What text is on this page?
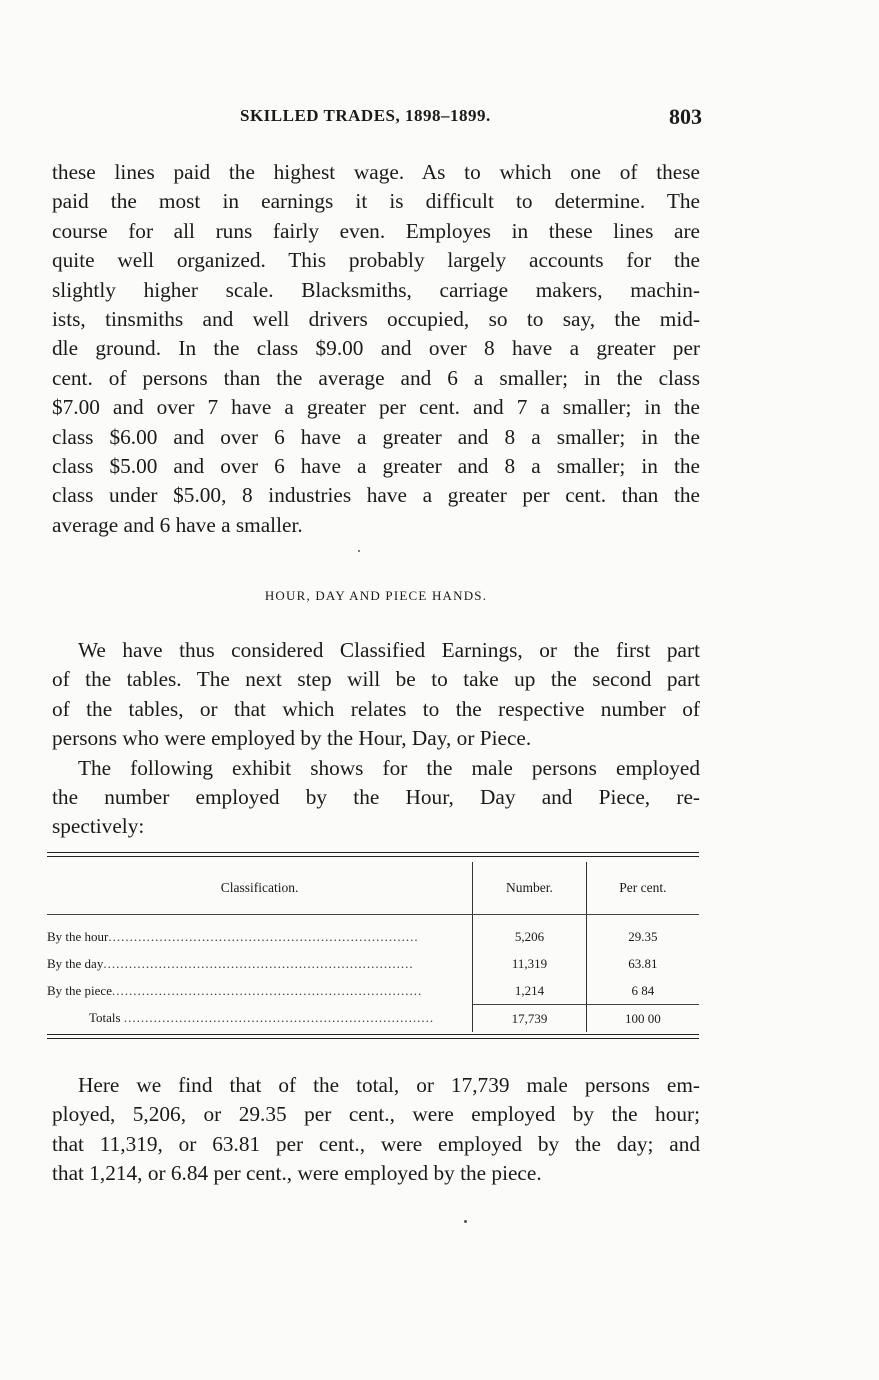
SKILLED TRADES, 1898–1899.	803
these lines paid the highest wage. As to which one of these
paid the most in earnings it is difficult to determine. The
course for all runs fairly even. Employes in these lines are
quite well organized. This probably largely accounts for the
slightly higher scale. Blacksmiths, carriage makers, machin-
ists, tinsmiths and well drivers occupied, so to say, the mid-
dle ground. In the class $9.00 and over 8 have a greater per
cent. of persons than the average and 6 a smaller; in the class
$7.00 and over 7 have a greater per cent. and 7 a smaller; in the
class $6.00 and over 6 have a greater and 8 a smaller; in the
class $5.00 and over 6 have a greater and 8 a smaller; in the
class under $5.00, 8 industries have a greater per cent. than the
average and 6 have a smaller.
HOUR, DAY AND PIECE HANDS.
We have thus considered Classified Earnings, or the first part
of the tables. The next step will be to take up the second part
of the tables, or that which relates to the respective number of
persons who were employed by the Hour, Day, or Piece.
The following exhibit shows for the male persons employed
the number employed by the Hour, Day and Piece, re-
spectively:
Classification.	Number.	Per cent.

By the hour.........................................................................	5,206	29.35

By the day.........................................................................	11,319	63.81

By the piece.........................................................................	1,214	6 84

Totals .........................................................................	17,739	100 00
Here we find that of the total, or 17,739 male persons em-
ployed, 5,206, or 29.35 per cent., were employed by the hour;
that 11,319, or 63.81 per cent., were employed by the day; and
that 1,214, or 6.84 per cent., were employed by the piece.
